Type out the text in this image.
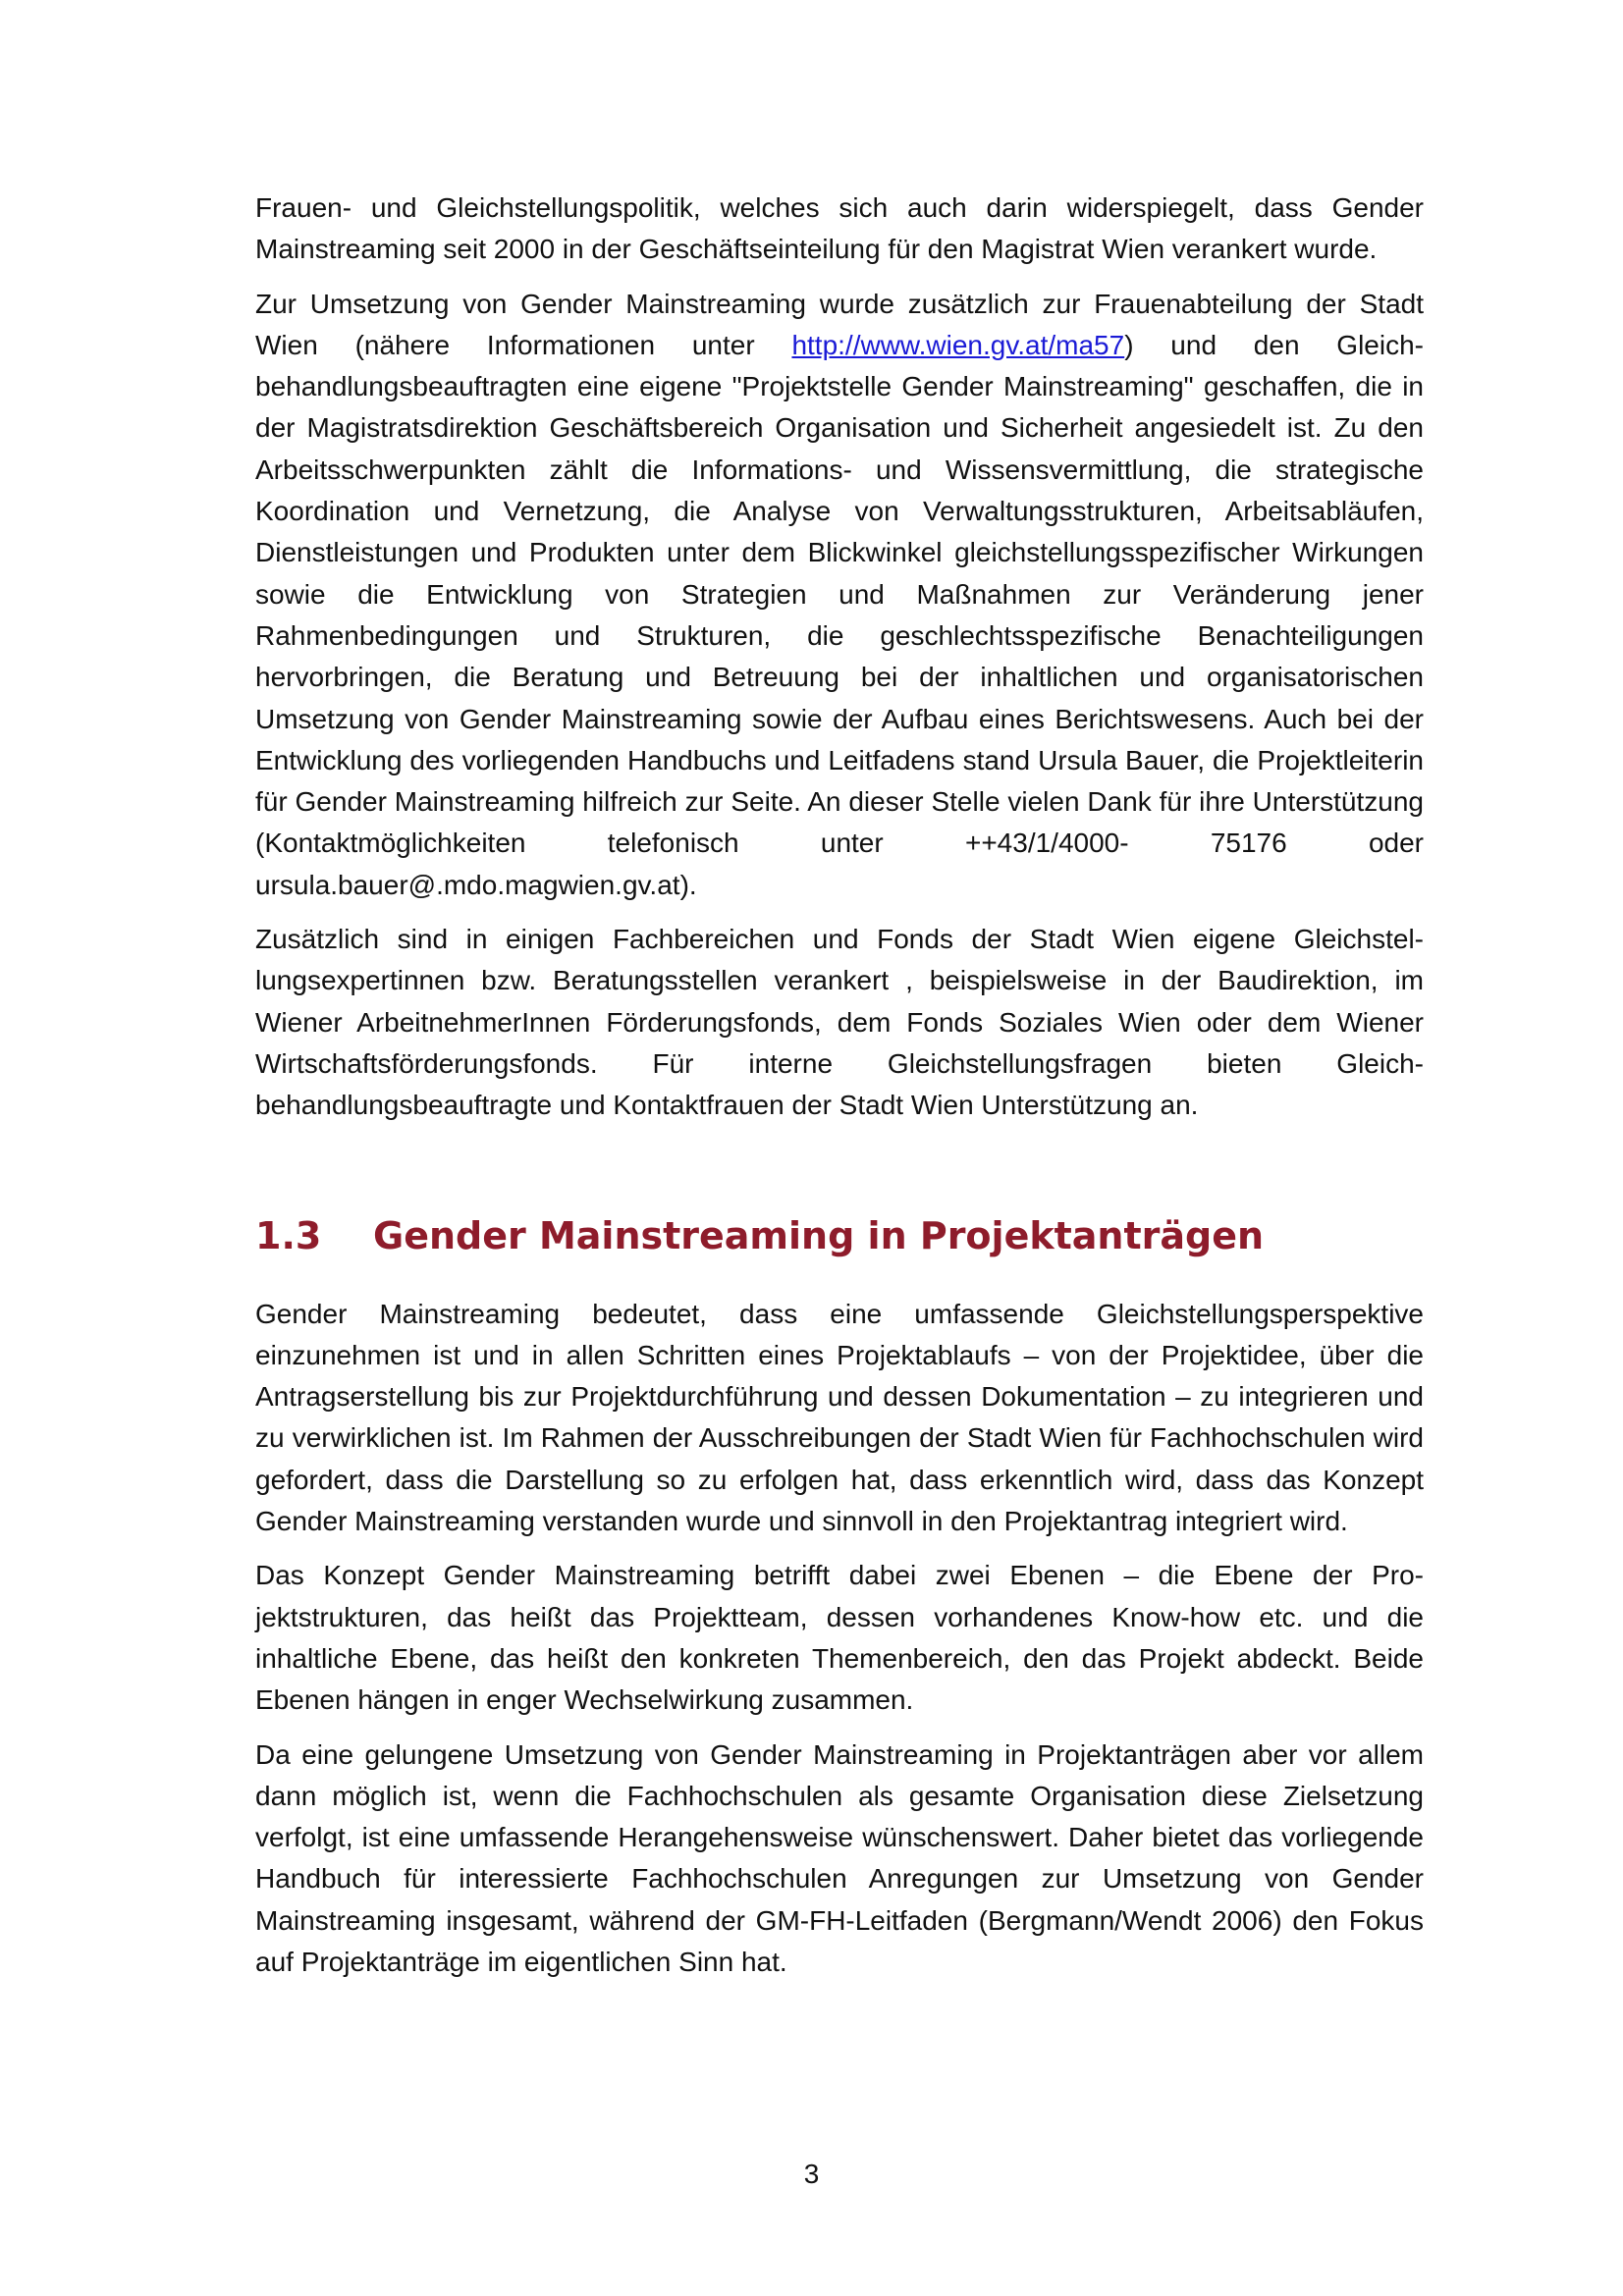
Frauen- und Gleichstellungspolitik, welches sich auch darin widerspiegelt, dass Gender Mainstreaming seit 2000 in der Geschäftseinteilung für den Magistrat Wien verankert wurde.

Zur Umsetzung von Gender Mainstreaming wurde zusätzlich zur Frauenabteilung der Stadt Wien (nähere Informationen unter http://www.wien.gv.at/ma57) und den Gleichbehandlungsbeauftragten eine eigene "Projektstelle Gender Mainstreaming" geschaffen, die in der Magistratsdirektion Geschäftsbereich Organisation und Sicherheit angesiedelt ist. Zu den Arbeitsschwerpunkten zählt die Informations- und Wissensvermittlung, die strategische Koordination und Vernetzung, die Analyse von Verwaltungsstrukturen, Arbeitsabläufen, Dienstleistungen und Produkten unter dem Blickwinkel gleichstellungsspezifischer Wirkungen sowie die Entwicklung von Strategien und Maßnahmen zur Veränderung jener Rahmenbedingungen und Strukturen, die geschlechtsspezifische Benachteiligungen hervorbringen, die Beratung und Betreuung bei der inhaltlichen und organisatorischen Umsetzung von Gender Mainstreaming sowie der Aufbau eines Berichtswesens. Auch bei der Entwicklung des vorliegenden Handbuchs und Leitfadens stand Ursula Bauer, die Projektleiterin für Gender Mainstreaming hilfreich zur Seite. An dieser Stelle vielen Dank für ihre Unterstützung (Kontaktmöglichkeiten telefonisch unter ++43/1/4000- 75176 oder ursula.bauer@.mdo.magwien.gv.at).

Zusätzlich sind in einigen Fachbereichen und Fonds der Stadt Wien eigene Gleichstellungsexpertinnen bzw. Beratungsstellen verankert , beispielsweise in der Baudirektion, im Wiener ArbeitnehmerInnen Förderungsfonds, dem Fonds Soziales Wien oder dem Wiener Wirtschaftsförderungsfonds. Für interne Gleichstellungsfragen bieten Gleichbehandlungsbeauftragte und Kontaktfrauen der Stadt Wien Unterstützung an.

1.3	Gender Mainstreaming in Projektanträgen

Gender Mainstreaming bedeutet, dass eine umfassende Gleichstellungsperspektive einzunehmen ist und in allen Schritten eines Projektablaufs – von der Projektidee, über die Antragserstellung bis zur Projektdurchführung und dessen Dokumentation – zu integrieren und zu verwirklichen ist. Im Rahmen der Ausschreibungen der Stadt Wien für Fachhochschulen wird gefordert, dass die Darstellung so zu erfolgen hat, dass erkenntlich wird, dass das Konzept Gender Mainstreaming verstanden wurde und sinnvoll in den Projektantrag integriert wird.

Das Konzept Gender Mainstreaming betrifft dabei zwei Ebenen – die Ebene der Projektstrukturen, das heißt das Projektteam, dessen vorhandenes Know-how etc. und die inhaltliche Ebene, das heißt den konkreten Themenbereich, den das Projekt abdeckt. Beide Ebenen hängen in enger Wechselwirkung zusammen.

Da eine gelungene Umsetzung von Gender Mainstreaming in Projektanträgen aber vor allem dann möglich ist, wenn die Fachhochschulen als gesamte Organisation diese Zielsetzung verfolgt, ist eine umfassende Herangehensweise wünschenswert. Daher bietet das vorliegende Handbuch für interessierte Fachhochschulen Anregungen zur Umsetzung von Gender Mainstreaming insgesamt, während der GM-FH-Leitfaden (Bergmann/Wendt 2006) den Fokus auf Projektanträge im eigentlichen Sinn hat.

3
